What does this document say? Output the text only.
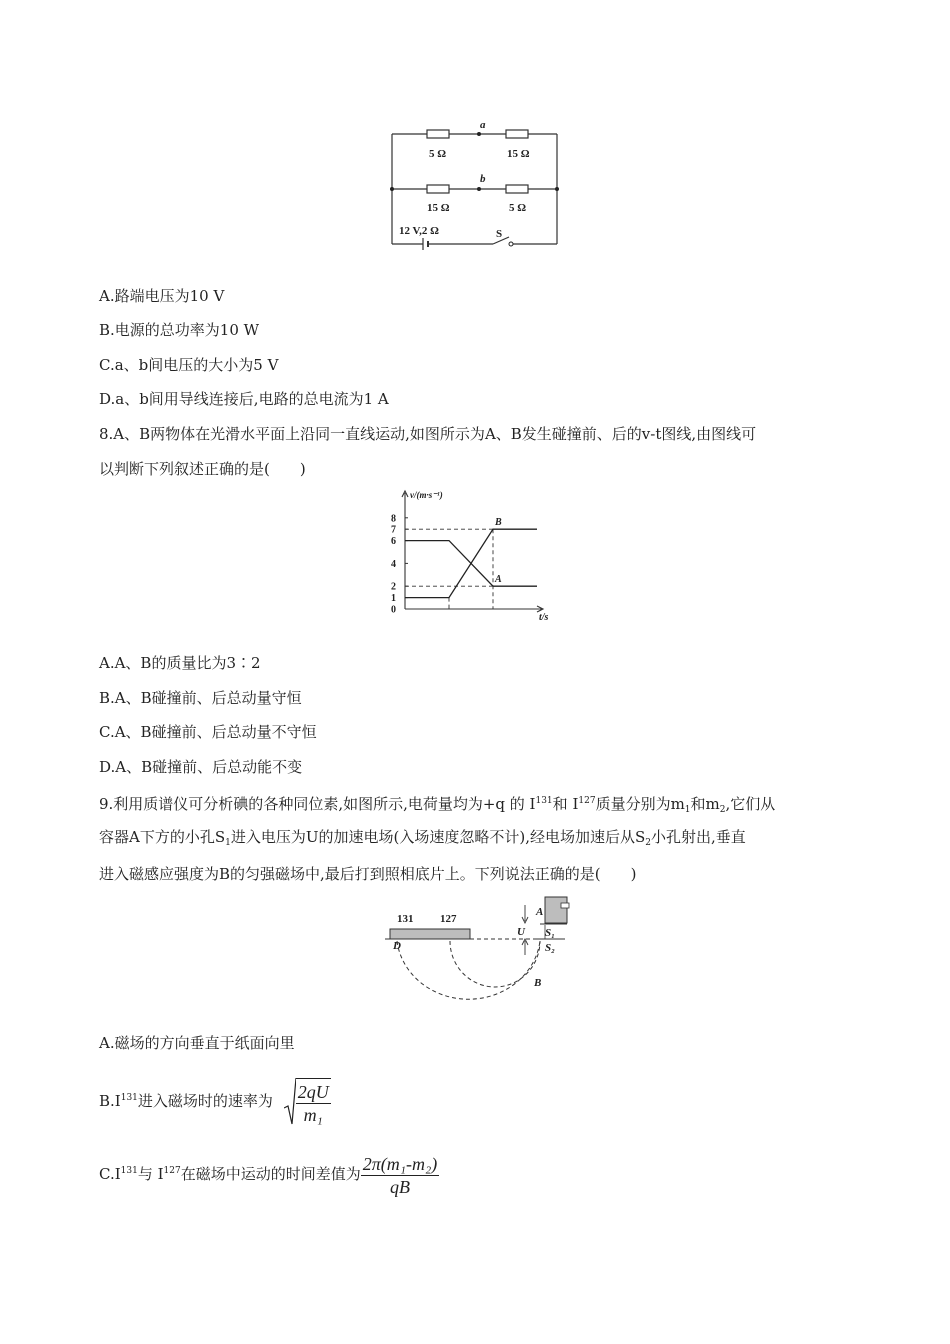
5 Ω	15 Ω
15 Ω	5 Ω
a
b
12 V,2 Ω	S
A.路端电压为10 V
B.电源的总功率为10 W
C.a、b间电压的大小为5 V
D.a、b间用导线连接后,电路的总电流为1 A
8.A、B两物体在光滑水平面上沿同一直线运动,如图所示为A、B发生碰撞前、后的v-t图线,由图线可
以判断下列叙述正确的是(　　)
v/(m·s⁻¹)
t/s
8
7
6
4
2
1
0
A
B
A.A、B的质量比为3∶2
B.A、B碰撞前、后总动量守恒
C.A、B碰撞前、后总动量不守恒
D.A、B碰撞前、后总动能不变
9.利用质谱仪可分析碘的各种同位素,如图所示,电荷量均为+q 的 $I^{131}$和 $I^{127}$质量分别为$m_1$和$m_2$,它们从
容器A下方的小孔$S_1$进入电压为U的加速电场(入场速度忽略不计),经电场加速后从$S_2$小孔射出,垂直
进入磁感应强度为B的匀强磁场中,最后打到照相底片上。下列说法正确的是(　　)
131 127
D
A
U S₁
S₂
B
A.磁场的方向垂直于纸面向里
$B.I^{131}$进入磁场时的速率为 $\frac{2qU}{\text{m₁}}$
$C.I^{131}$与 $I^{127}$在磁场中运动的时间差值为 $\frac{\text{2π(m₁-m₂)}}{qB}$
